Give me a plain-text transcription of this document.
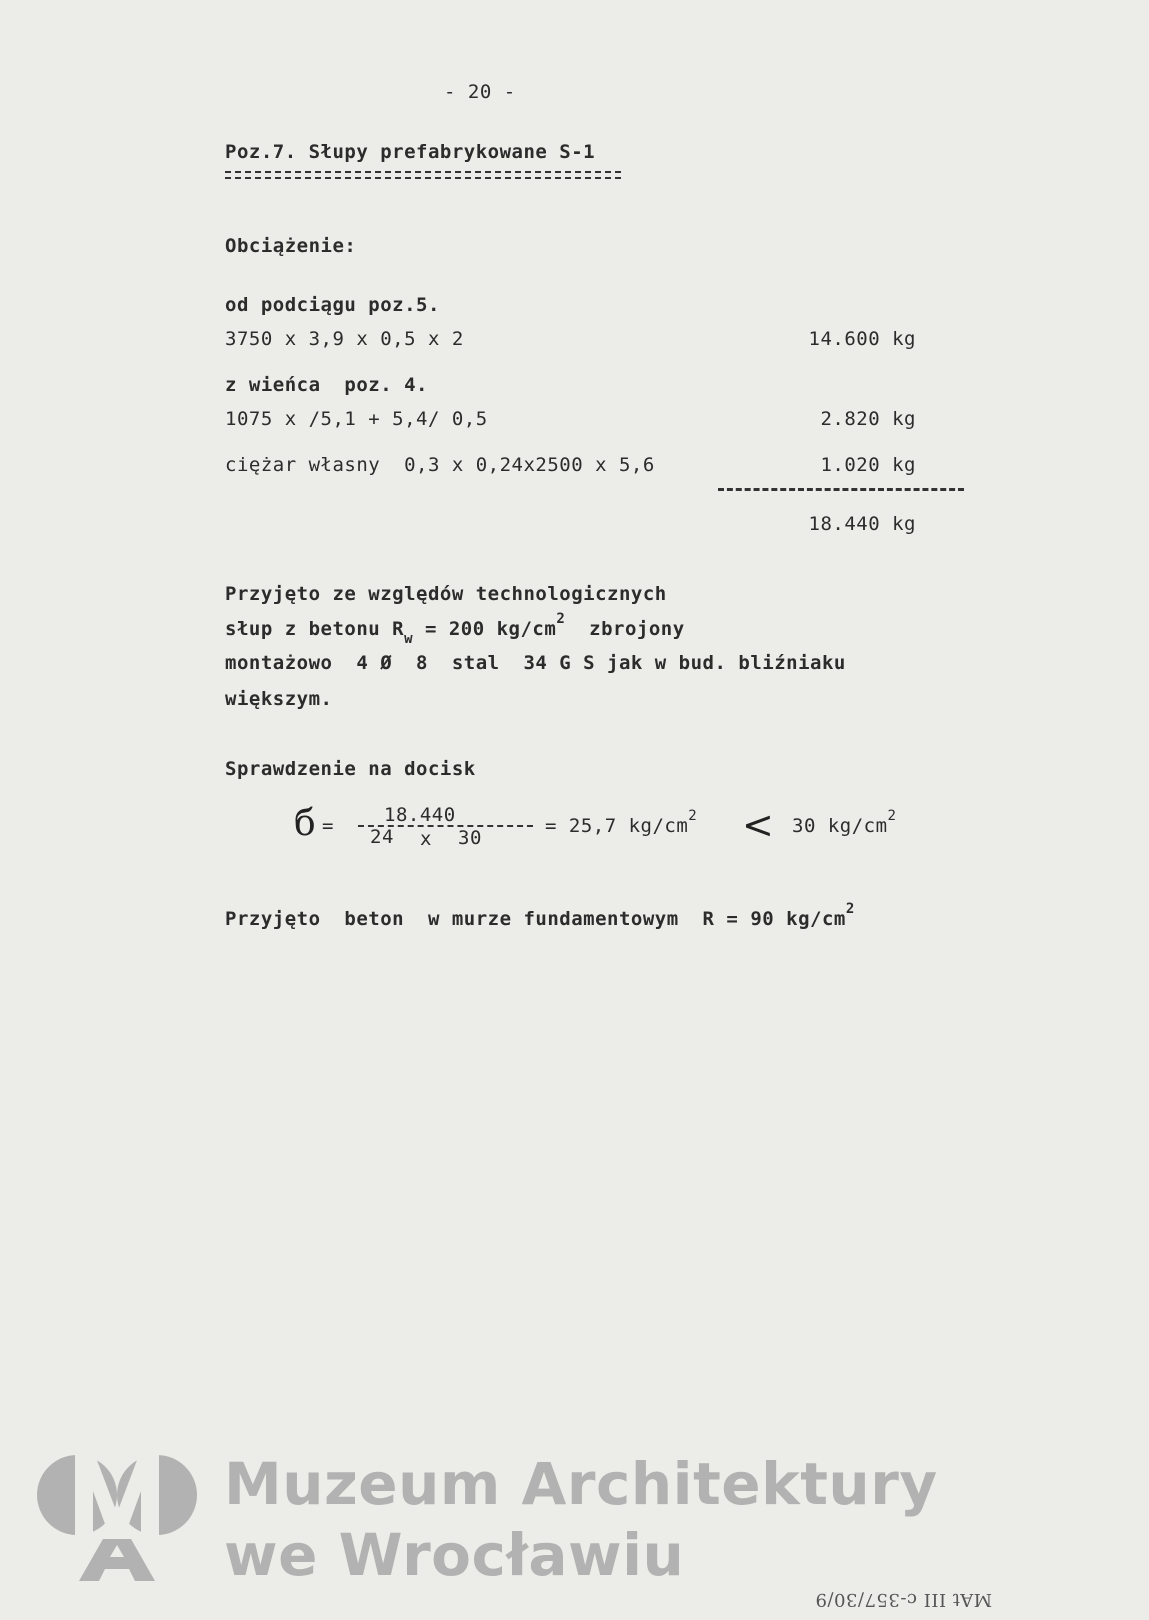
- 20 -
Poz.7. Słupy prefabrykowane S-1
Obciążenie:
od podciągu poz.5.
3750 x 3,9 x 0,5 x 2	14.600 kg
z wieńca  poz. 4.
1075 x /5,1 + 5,4/ 0,5	2.820 kg
ciężar własny  0,3 x 0,24x2500 x 5,6	1.020 kg
18.440 kg
Przyjęto ze względów technologicznych
słup z betonu $R_w = 200$ $kg/cm^2$  zbrojony
montażowo  4 Ø  8  stal  34 G S jak w bud. bliźniaku
większym.
Sprawdzenie na docisk
б =	18.440
24 x 30
= 25,7 $kg/cm^2 < 30$ $kg/cm^2$
Przyjęto  beton  w murze fundamentowym  R = 90 $kg/cm^2$
Muzeum Architektury
we Wrocławiu
MAt III c-357/30/9
